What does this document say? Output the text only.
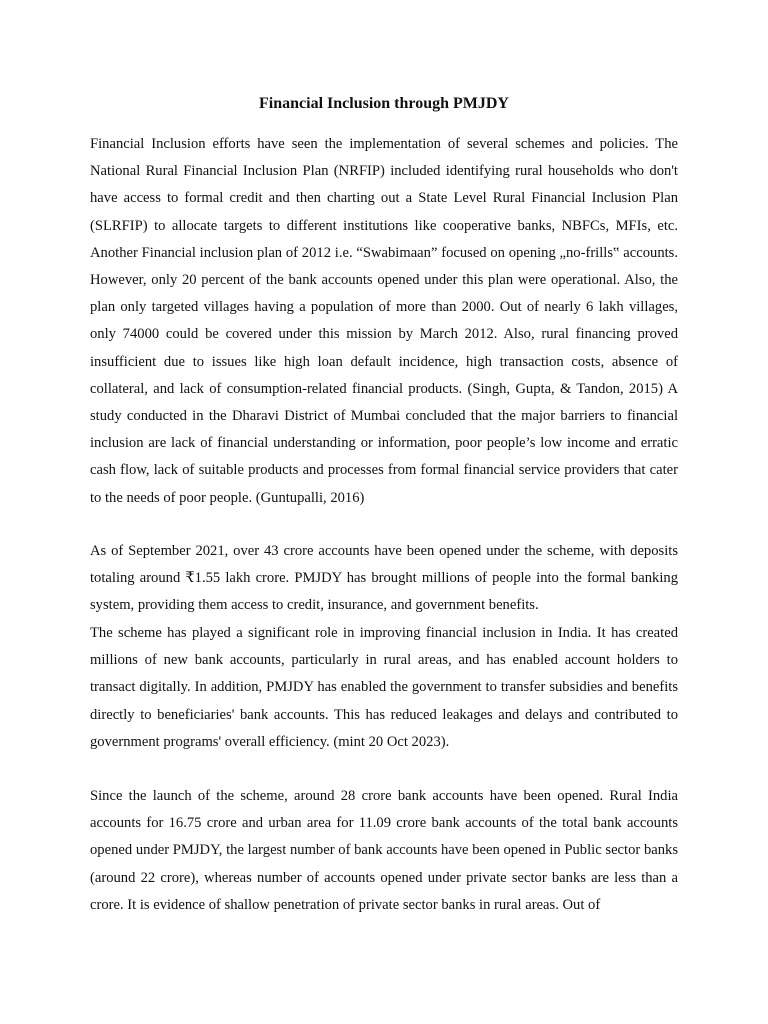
Financial Inclusion through PMJDY

Financial Inclusion efforts have seen the implementation of several schemes and policies. The National Rural Financial Inclusion Plan (NRFIP) included identifying rural households who don't have access to formal credit and then charting out a State Level Rural Financial Inclusion Plan (SLRFIP) to allocate targets to different institutions like cooperative banks, NBFCs, MFIs, etc. Another Financial inclusion plan of 2012 i.e. “Swabimaan” focused on opening „no-frills‟ accounts. However, only 20 percent of the bank accounts opened under this plan were operational. Also, the plan only targeted villages having a population of more than 2000. Out of nearly 6 lakh villages, only 74000 could be covered under this mission by March 2012. Also, rural financing proved insufficient due to issues like high loan default incidence, high transaction costs, absence of collateral, and lack of consumption-related financial products. (Singh, Gupta, & Tandon, 2015) A study conducted in the Dharavi District of Mumbai concluded that the major barriers to financial inclusion are lack of financial understanding or information, poor people’s low income and erratic cash flow, lack of suitable products and processes from formal financial service providers that cater to the needs of poor people. (Guntupalli, 2016)

As of September 2021, over 43 crore accounts have been opened under the scheme, with deposits totaling around ₹1.55 lakh crore. PMJDY has brought millions of people into the formal banking system, providing them access to credit, insurance, and government benefits.

The scheme has played a significant role in improving financial inclusion in India. It has created millions of new bank accounts, particularly in rural areas, and has enabled account holders to transact digitally. In addition, PMJDY has enabled the government to transfer subsidies and benefits directly to beneficiaries' bank accounts. This has reduced leakages and delays and contributed to government programs' overall efficiency. (mint 20 Oct 2023).

Since the launch of the scheme, around 28 crore bank accounts have been opened. Rural India accounts for 16.75 crore and urban area for 11.09 crore bank accounts of the total bank accounts opened under PMJDY, the largest number of bank accounts have been opened in Public sector banks (around 22 crore), whereas number of accounts opened under private sector banks are less than a crore. It is evidence of shallow penetration of private sector banks in rural areas. Out of
